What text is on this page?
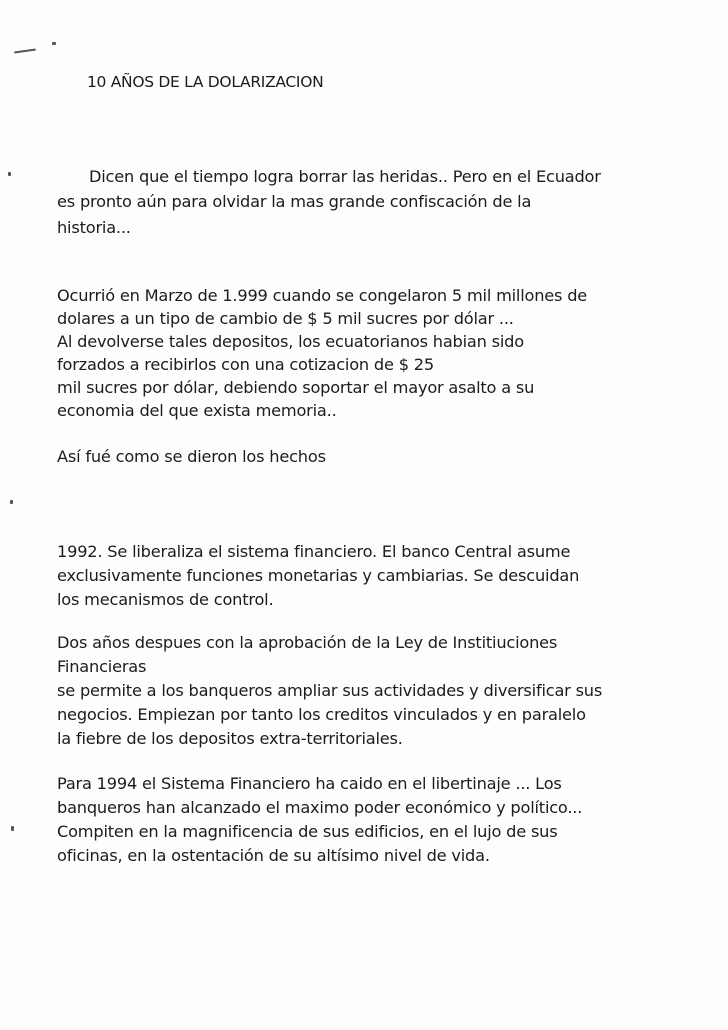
10 AÑOS DE LA DOLARIZACION
Dicen que el tiempo logra borrar las heridas.. Pero en el Ecuador
es pronto aún para olvidar la mas grande confiscación de la
historia...
Ocurrió en Marzo de 1.999 cuando se congelaron 5 mil millones de
dolares a un tipo de cambio de $ 5 mil sucres por dólar ...
Al devolverse tales depositos, los ecuatorianos habian sido
forzados a recibirlos con una cotizacion de $ 25
mil sucres por dólar, debiendo soportar el mayor asalto a su
economia del que exista memoria..
Así fué como se dieron los hechos
1992. Se liberaliza el sistema financiero. El banco Central asume
exclusivamente funciones monetarias y cambiarias. Se descuidan
los mecanismos de control.
Dos años despues con la aprobación de la Ley de Institiuciones
Financieras
se permite a los banqueros ampliar sus actividades y diversificar sus
negocios. Empiezan por tanto los creditos vinculados y en paralelo
la fiebre de los depositos extra-territoriales.
Para 1994 el Sistema Financiero ha caido en el libertinaje ... Los
banqueros han alcanzado el maximo poder económico y político...
Compiten en la magnificencia de sus edificios, en el lujo de sus
oficinas, en la ostentación de su altísimo nivel de vida.
